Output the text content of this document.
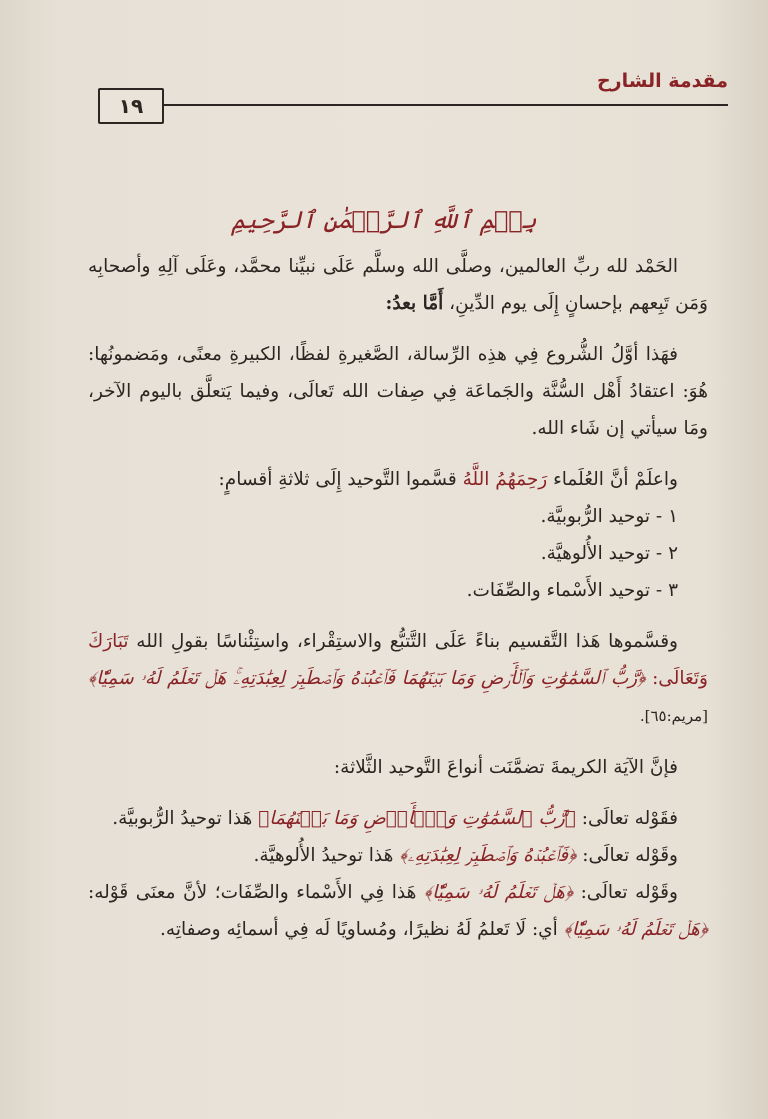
مقدمة الشارح
١٩
بِسۡمِ ٱللَّهِ ٱلرَّحۡمَٰنِ ٱلرَّحِيمِ

الحَمْد لله ربِّ العالمين، وصلَّى الله وسلَّم عَلَى نبيِّنا محمَّد، وعَلَى آلِهِ وأصحابِه وَمَن تَبِعهم بإحسانٍ إِلَى يوم الدِّينِ، أَمَّا بعدُ:

فهَذا أوَّلُ الشُّروع فِي هذِه الرِّسالة، الصَّغيرةِ لفظًا، الكبيرةِ معنًى، ومَضمونُها: هُوَ: اعتقادُ أَهْل السُّنَّة والجَماعَة فِي صِفات الله تَعالَى، وفيما يَتعلَّق باليوم الآخر، ومَا سيأتي إن شَاء الله.

واعلَمْ أنَّ العُلَماء رَحِمَهُمُ اللَّهُ قسَّموا التَّوحيد إِلَى ثلاثةِ أقسامٍ:

١ - توحيد الرُّبوبيَّة.

٢ - توحيد الأُلوهيَّة.

٣ - توحيد الأَسْماء والصِّفَات.

وقسَّموها هَذا التَّقسيم بناءً عَلَى التَّتبُّع والاستِقْراء، واستِئْناسًا بقولِ الله تَبَارَكَ وَتَعَالَى: ﴿رَّبُّ ٱلسَّمَٰوَٰتِ وَٱلۡأَرۡضِ وَمَا بَيۡنَهُمَا فَٱعۡبُدۡهُ وَٱصۡطَبِرۡ لِعِبَٰدَتِهِۦۚ هَلۡ تَعۡلَمُ لَهُۥ سَمِيّٗا﴾ [مريم:٦٥].

فإنَّ الآيَة الكريمةَ تضمَّنَت أنواعَ التَّوحيد الثَّلاثة:

فقَوْله تعالَى: ﴿رَّبُّ ٱلسَّمَٰوَٰتِ وَٱلۡأَرۡضِ وَمَا بَيۡنَهُمَا﴾ هَذا توحيدُ الرُّبوبيَّة.

وقَوْله تعالَى: ﴿فَٱعۡبُدۡهُ وَٱصۡطَبِرۡ لِعِبَٰدَتِهِۦ﴾ هَذا توحيدُ الأُلوهيَّة.

وقَوْله تعالَى: ﴿هَلۡ تَعۡلَمُ لَهُۥ سَمِيّٗا﴾ هَذا فِي الأَسْماء والصِّفَات؛ لأنَّ معنَى قَوْله: ﴿هَلۡ تَعۡلَمُ لَهُۥ سَمِيّٗا﴾ أي: لَا تَعلمُ لَهُ نظيرًا، ومُساويًا لَه فِي أسمائِه وصفاتِه.
